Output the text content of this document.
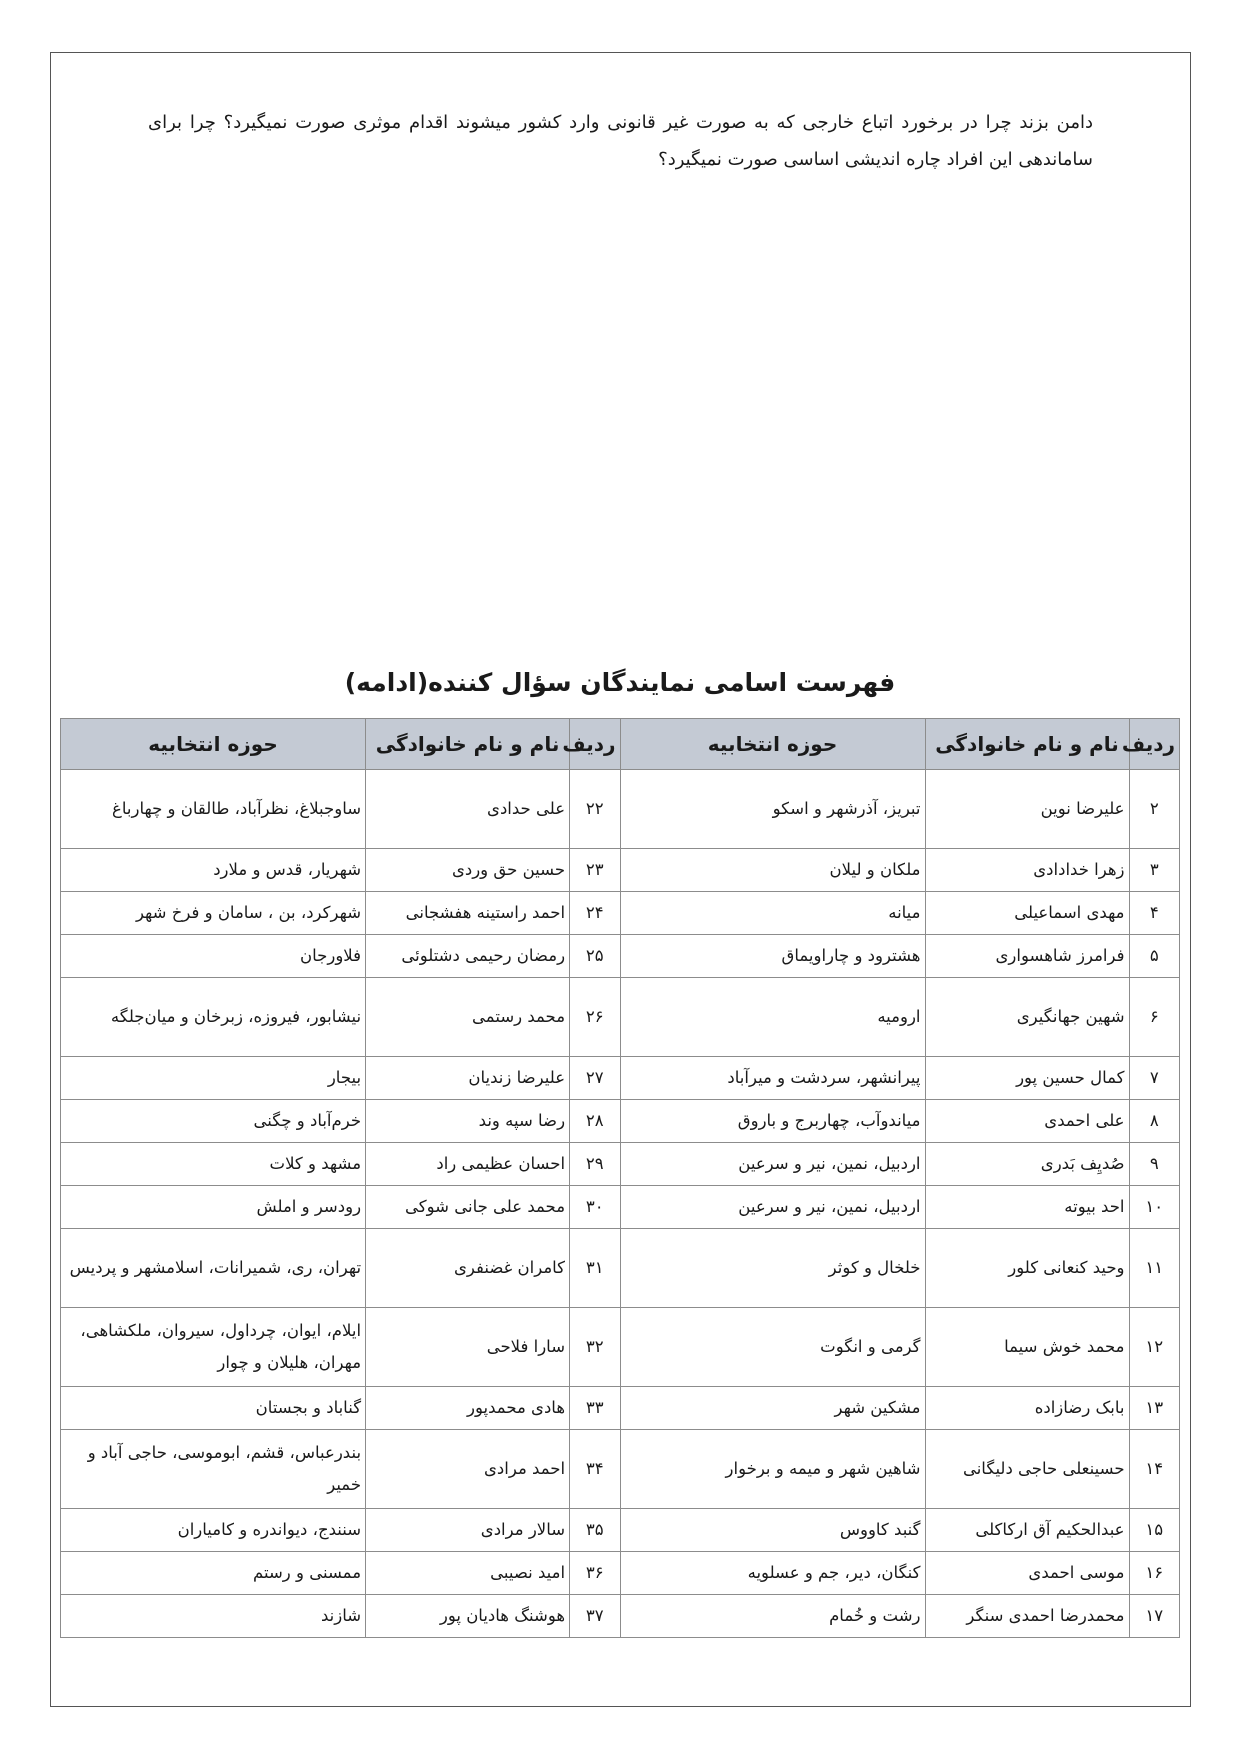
دامن بزند چرا در برخورد اتباع خارجی که به صورت غیر قانونی وارد کشور میشوند اقدام موثری صورت نمیگیرد؟ چرا برای ساماندهی این افراد چاره اندیشی اساسی صورت نمیگیرد؟

فهرست اسامی نمایندگان سؤال کننده(ادامه)
ردیف	نام و نام خانوادگی	حوزه انتخابیه	ردیف	نام و نام خانوادگی	حوزه انتخابیه
۲	علیرضا نوین	تبریز، آذرشهر و اسکو	۲۲	علی حدادی	ساوجبلاغ، نظرآباد، طالقان و چهارباغ
۳	زهرا خدادادی	ملکان و لیلان	۲۳	حسین حق وردی	شهریار، قدس و ملارد
۴	مهدی اسماعیلی	میانه	۲۴	احمد راستینه هفشجانی	شهرکرد، بن ، سامان و فرخ شهر
۵	فرامرز شاهسواری	هشترود و چاراویماق	۲۵	رمضان رحیمی دشتلوئی	فلاورجان
۶	شهین جهانگیری	ارومیه	۲۶	محمد رستمی	نیشابور، فیروزه، زبرخان و میان‌جلگه
۷	کمال حسین پور	پیرانشهر، سردشت و میرآباد	۲۷	علیرضا زندیان	بیجار
۸	علی احمدی	میاندوآب، چهاربرج و باروق	۲۸	رضا سپه وند	خرم‌آباد و چگنی
۹	صُدیِف بَدری	اردبیل، نمین، نیر و سرعین	۲۹	احسان عظیمی راد	مشهد و کلات
۱۰	احد بیوته	اردبیل، نمین، نیر و سرعین	۳۰	محمد علی جانی شوکی	رودسر و املش
۱۱	وحید کنعانی کلور	خلخال و کوثر	۳۱	کامران غضنفری	تهران، ری، شمیرانات، اسلامشهر و پردیس
۱۲	محمد خوش سیما	گرمی و انگوت	۳۲	سارا فلاحی	ایلام، ایوان، چرداول، سیروان، ملکشاهی، مهران، هلیلان و چوار
۱۳	بابک رضازاده	مشکین شهر	۳۳	هادی محمدپور	گناباد و بجستان
۱۴	حسینعلی حاجی دلیگانی	شاهین شهر و میمه و برخوار	۳۴	احمد مرادی	بندرعباس، قشم، ابوموسی، حاجی آباد و خمیر
۱۵	عبدالحکیم آق ارکاکلی	گنبد کاووس	۳۵	سالار مرادی	سنندج، دیواندره و کامیاران
۱۶	موسی احمدی	کنگان، دیر، جم و عسلویه	۳۶	امید نصیبی	ممسنی و رستم
۱۷	محمدرضا احمدی سنگر	رشت و خُمام	۳۷	هوشنگ هادیان پور	شازند
